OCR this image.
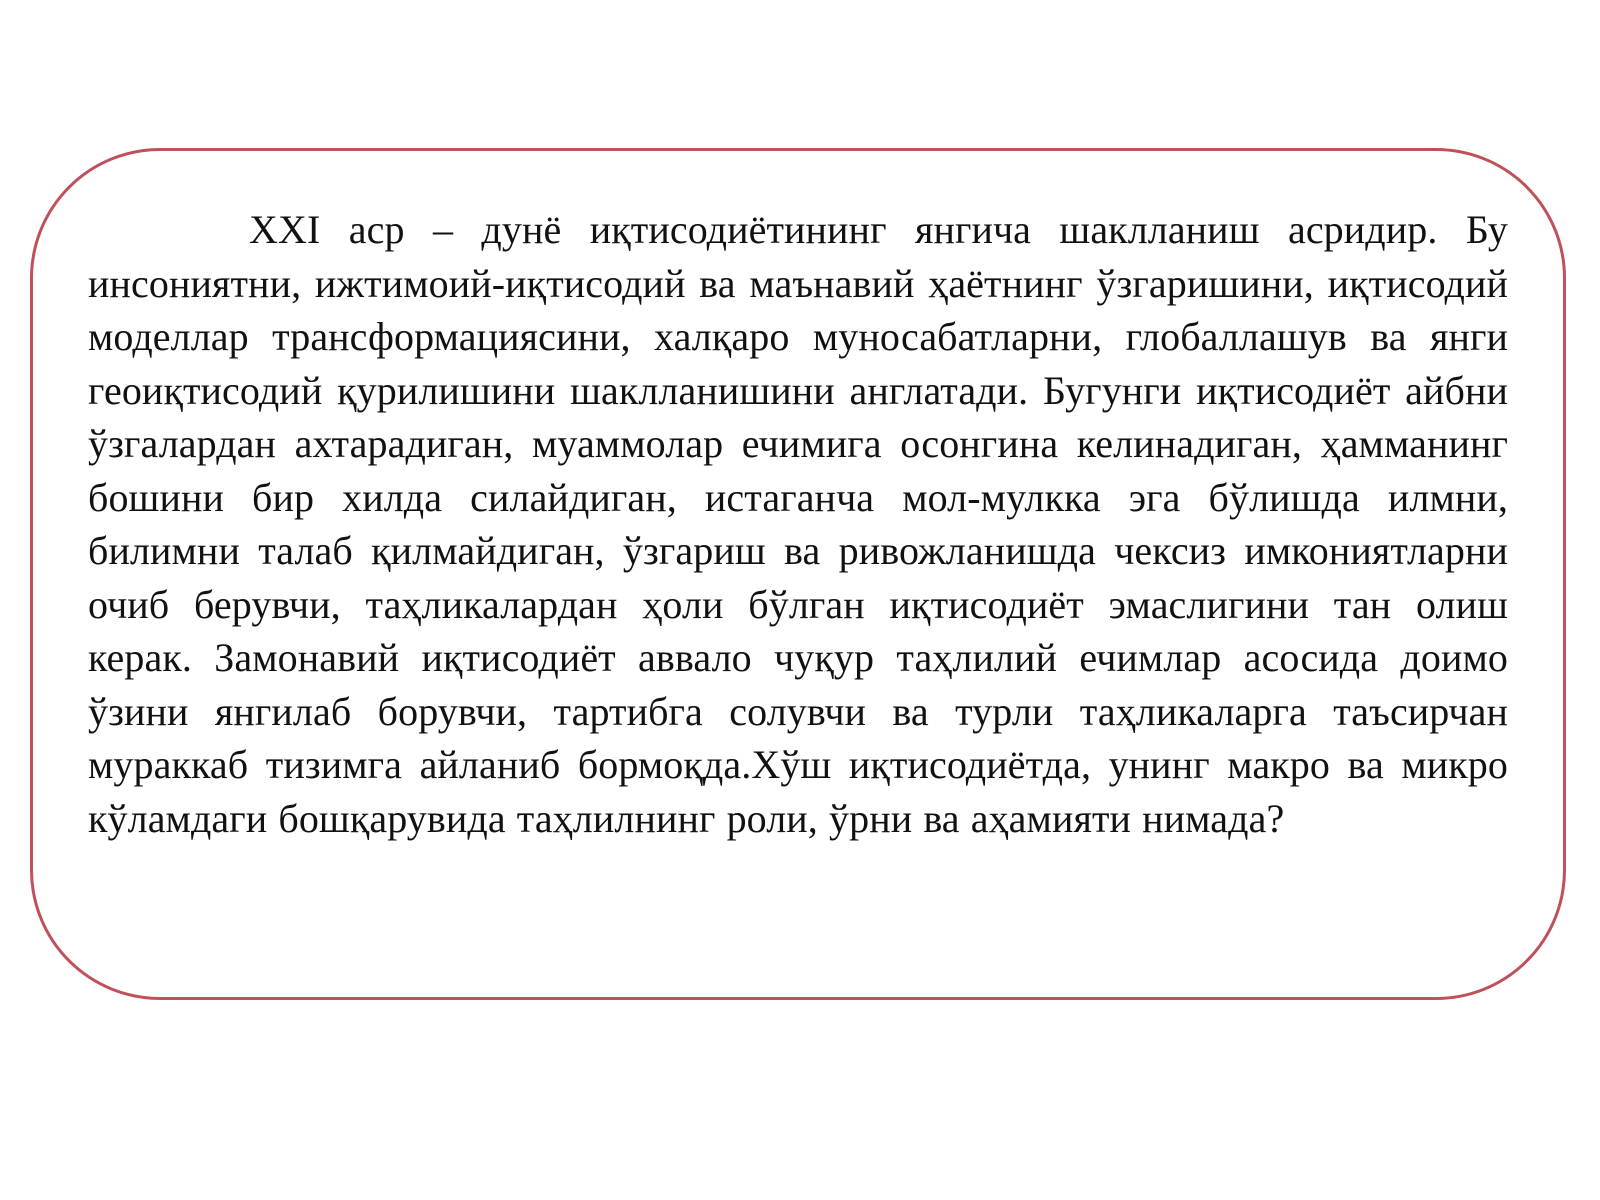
XXI аср – дунё иқтисодиётининг янгича шаклланиш асридир. Бу инсониятни, ижтимоий-иқтисодий ва маънавий ҳаётнинг ўзгаришини, иқтисодий моделлар трансформациясини, халқаро муносабатларни, глобаллашув ва янги геоиқтисодий қурилишини шаклланишини англатади. Бугунги иқтисодиёт айбни ўзгалардан ахтарадиган, муаммолар ечимига осонгина келинадиган, ҳамманинг бошини бир хилда силайдиган, истаганча мол-мулкка эга бўлишда илмни, билимни талаб қилмайдиган, ўзгариш ва ривожланишда чексиз имкониятларни очиб берувчи, таҳликалардан ҳоли бўлган иқтисодиёт эмаслигини тан олиш керак. Замонавий иқтисодиёт аввало чуқур таҳлилий ечимлар асосида доимо ўзини янгилаб борувчи, тартибга солувчи ва турли таҳликаларга таъсирчан мураккаб тизимга айланиб бормоқда.Хўш иқтисодиётда, унинг макро ва микро кўламдаги бошқарувида таҳлилнинг роли, ўрни ва аҳамияти нимада?
